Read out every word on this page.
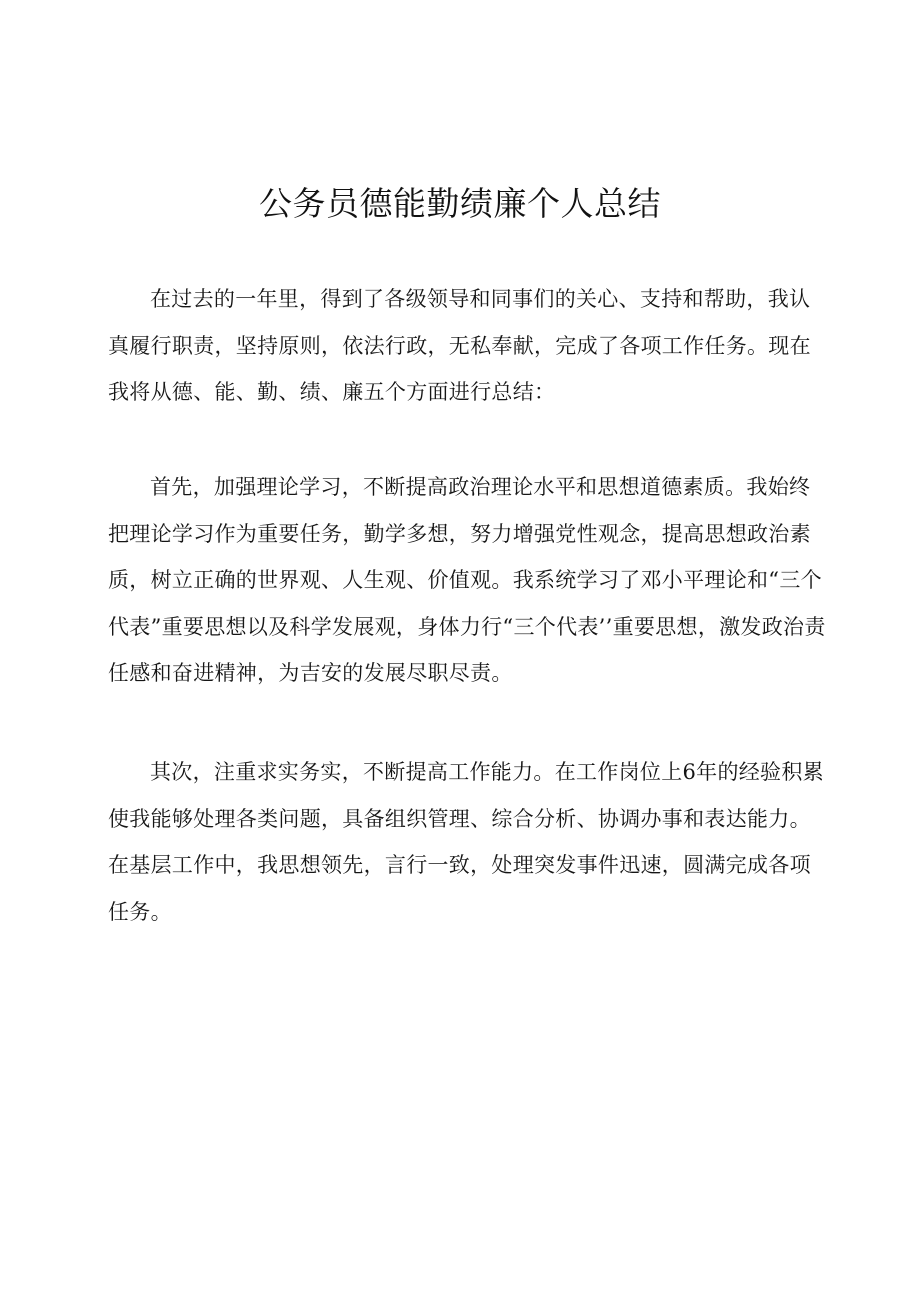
公务员德能勤绩廉个人总结

在过去的一年里，得到了各级领导和同事们的关心、支持和帮助，我认真履行职责，坚持原则，依法行政，无私奉献，完成了各项工作任务。现在我将从德、能、勤、绩、廉五个方面进行总结：

首先，加强理论学习，不断提高政治理论水平和思想道德素质。我始终把理论学习作为重要任务，勤学多想，努力增强党性观念，提高思想政治素质，树立正确的世界观、人生观、价值观。我系统学习了邓小平理论和“三个代表”重要思想以及科学发展观，身体力行“三个代表’’重要思想，激发政治责任感和奋进精神，为吉安的发展尽职尽责。

其次，注重求实务实，不断提高工作能力。在工作岗位上6年的经验积累使我能够处理各类问题，具备组织管理、综合分析、协调办事和表达能力。在基层工作中，我思想领先，言行一致，处理突发事件迅速，圆满完成各项任务。
